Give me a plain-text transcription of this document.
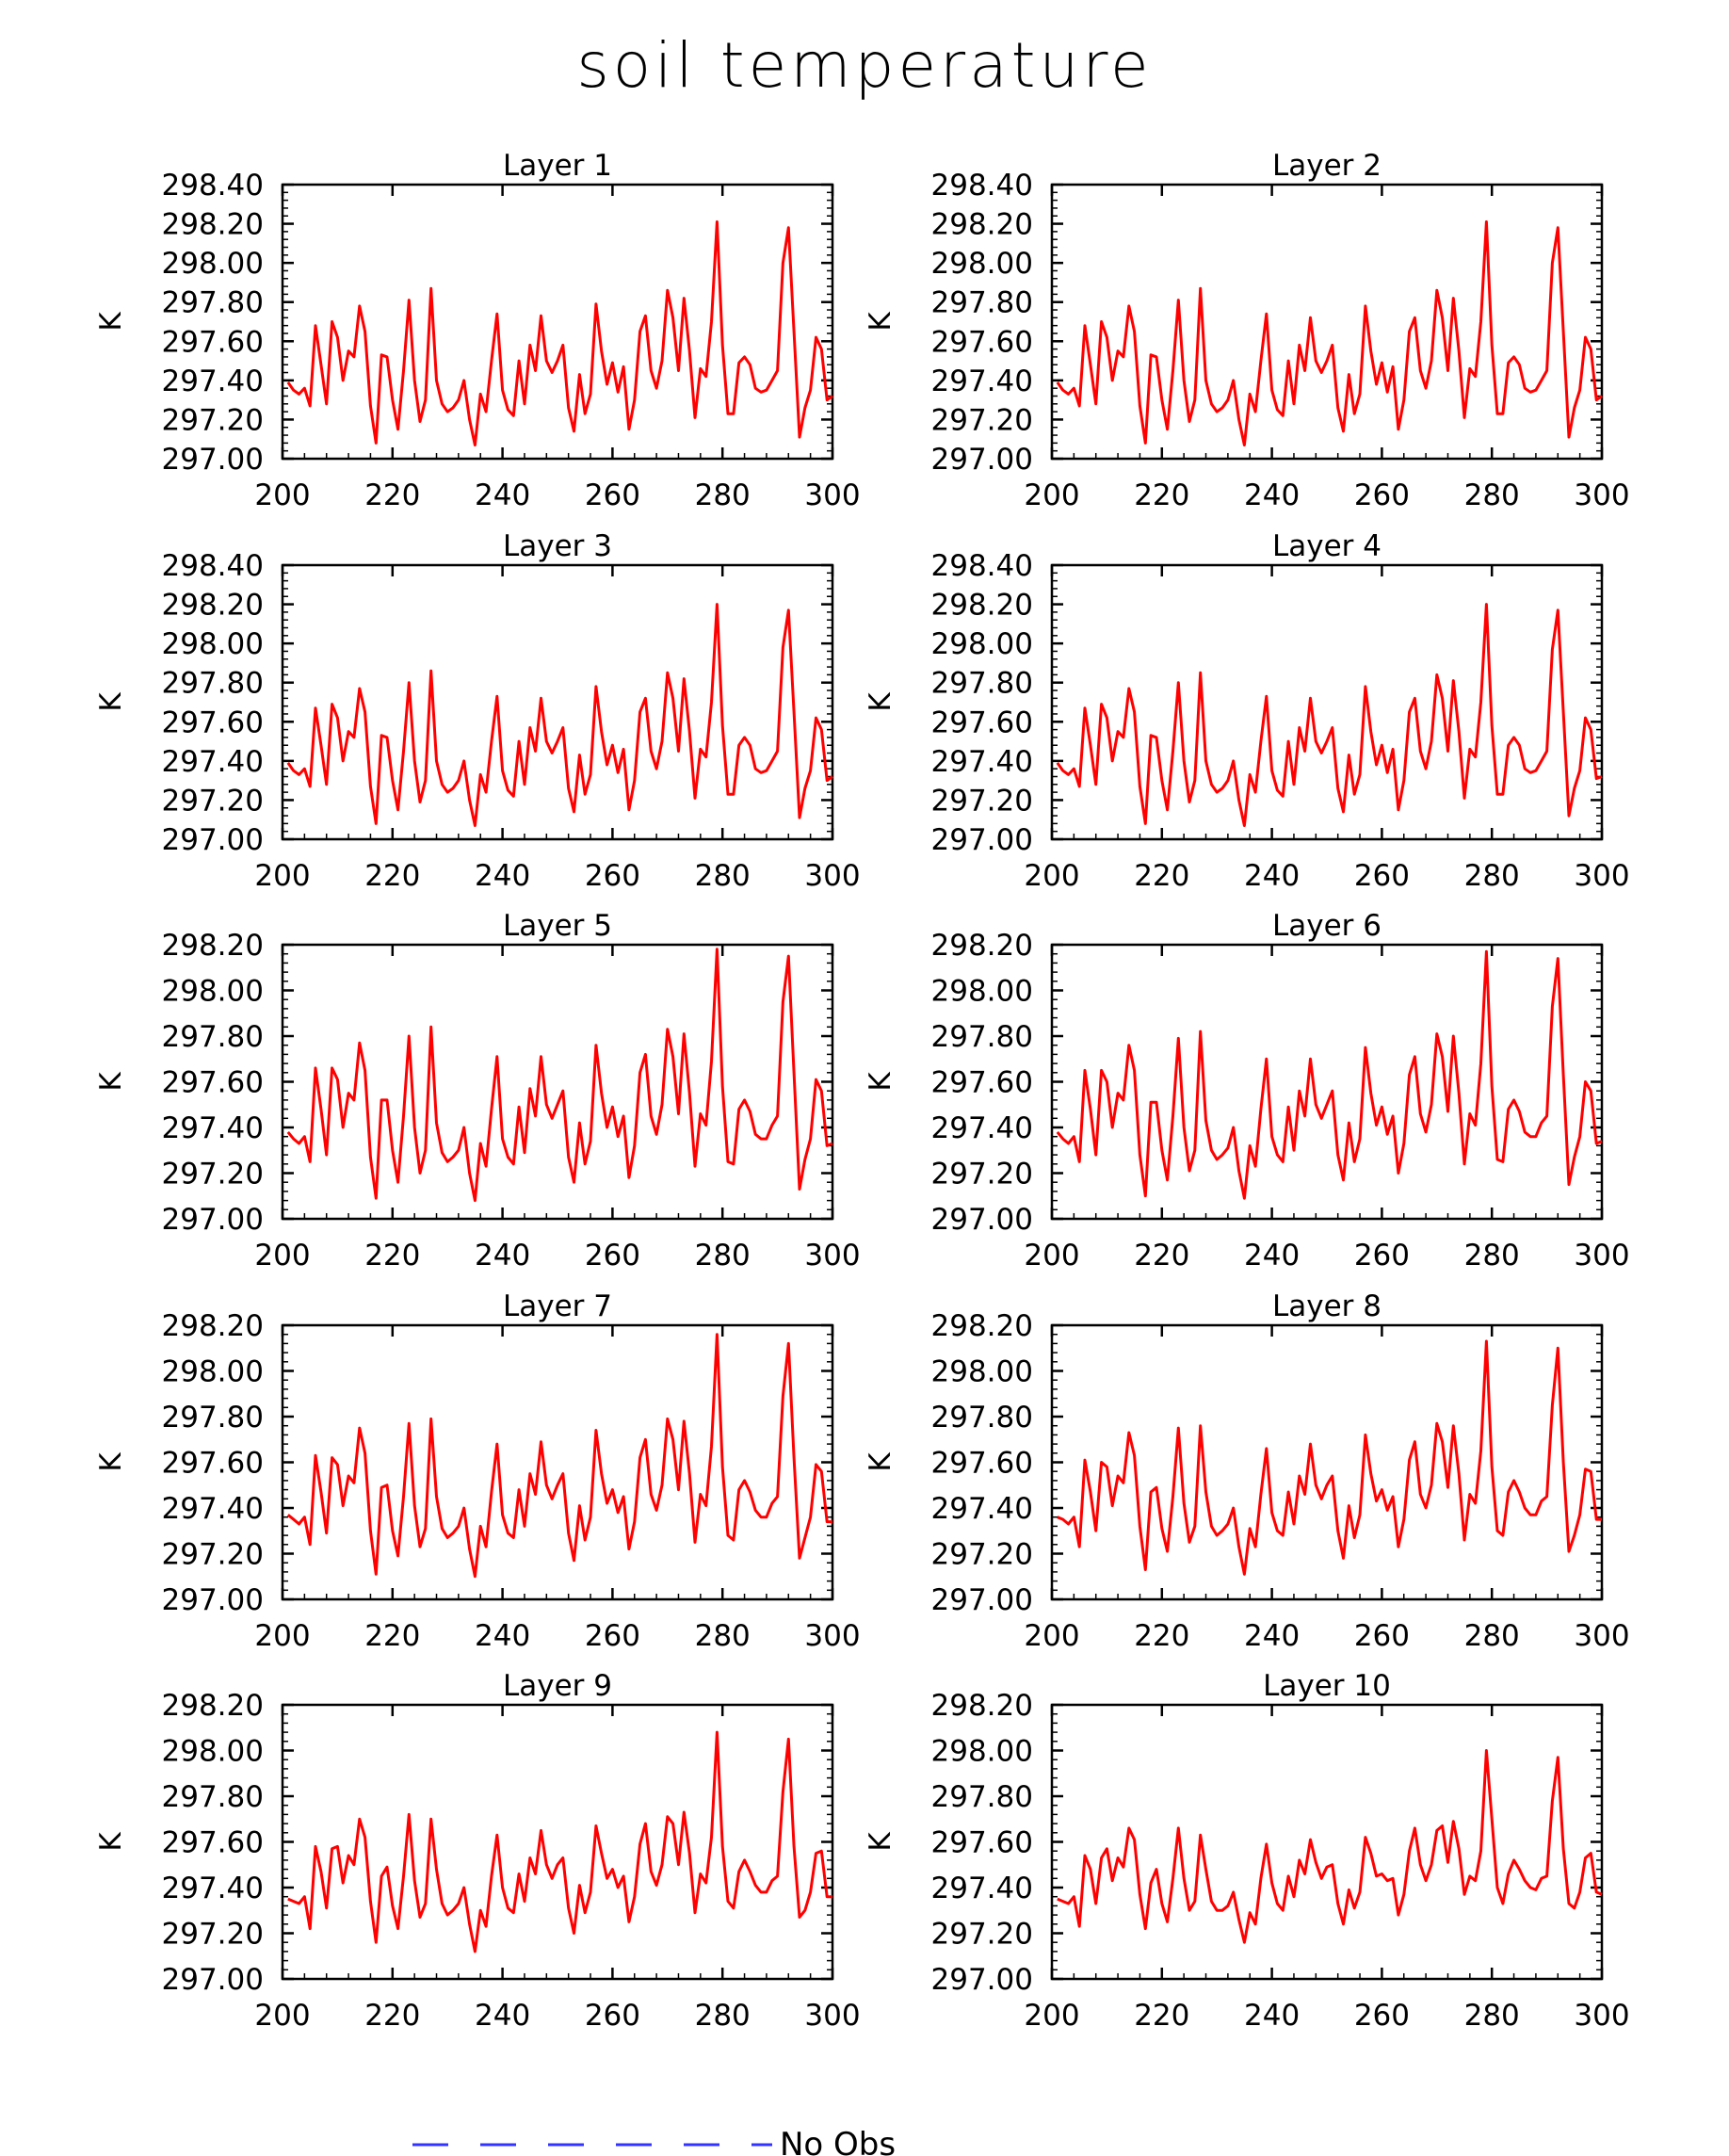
soil temperature
200 220 240 260 280 300
297.00
297.20
297.40
297.60
297.80
298.00
298.20
298.40
Layer 1
K
200 220 240 260 280 300
297.00
297.20
297.40
297.60
297.80
298.00
298.20
298.40
Layer 2
K
200 220 240 260 280 300
297.00
297.20
297.40
297.60
297.80
298.00
298.20
298.40
Layer 3
K
200 220 240 260 280 300
297.00
297.20
297.40
297.60
297.80
298.00
298.20
298.40
Layer 4
K
200 220 240 260 280 300
297.00
297.20
297.40
297.60
297.80
298.00
298.20
Layer 5
K
200 220 240 260 280 300
297.00
297.20
297.40
297.60
297.80
298.00
298.20
Layer 6
K
200 220 240 260 280 300
297.00
297.20
297.40
297.60
297.80
298.00
298.20
Layer 7
K
200 220 240 260 280 300
297.00
297.20
297.40
297.60
297.80
298.00
298.20
Layer 8
K
200 220 240 260 280 300
297.00
297.20
297.40
297.60
297.80
298.00
298.20
Layer 9
K
200 220 240 260 280 300
297.00
297.20
297.40
297.60
297.80
298.00
298.20
Layer 10
K
No Obs
